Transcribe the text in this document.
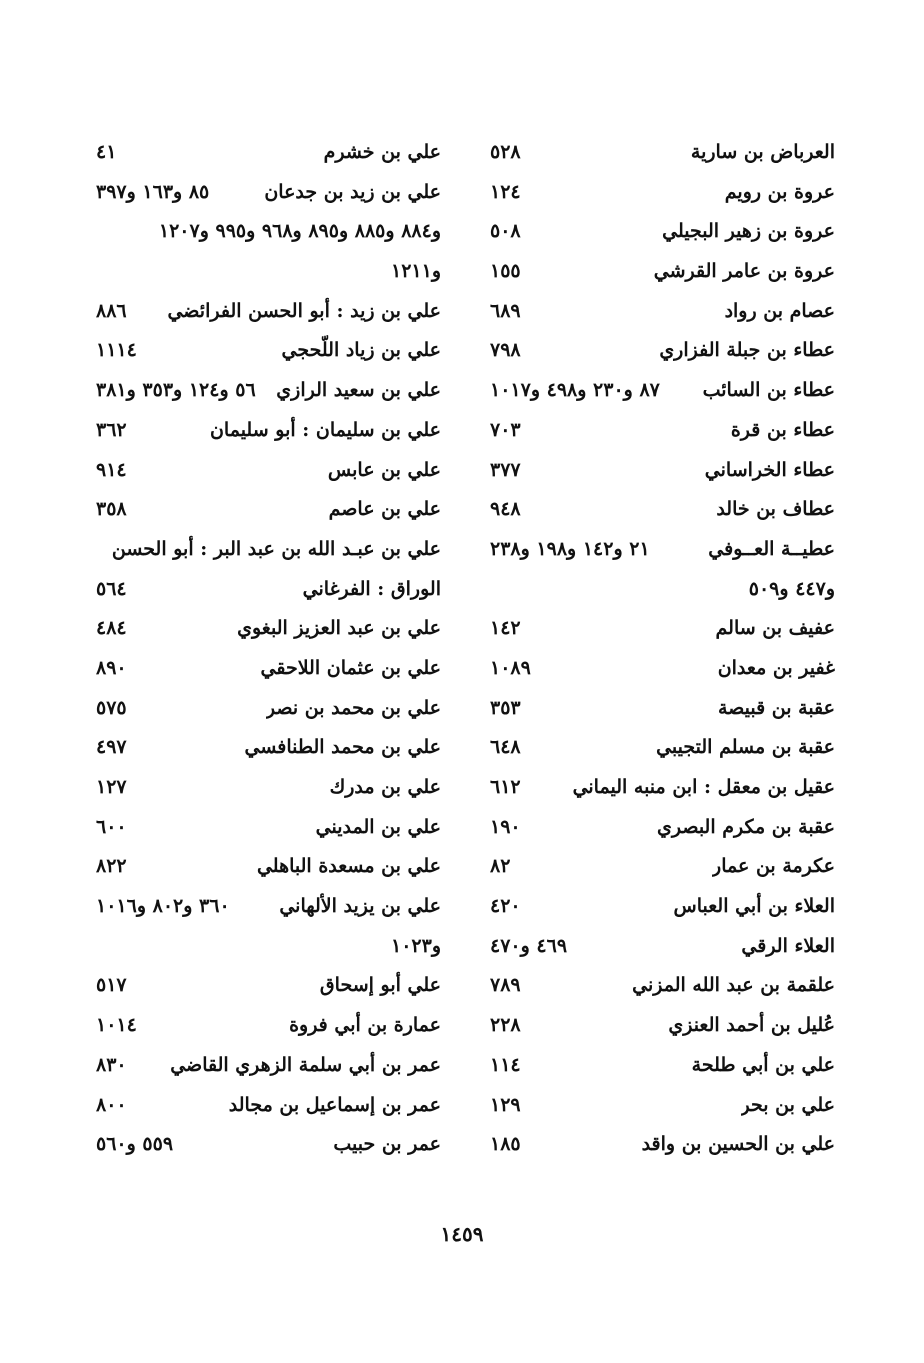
العرباض بن سارية
٥٢٨
عروة بن رويم
١٢٤
عروة بن زهير البجيلي
٥٠٨
عروة بن عامر القرشي
١٥٥
عصام بن رواد
٦٨٩
عطاء بن جبلة الفزاري
٧٩٨
عطاء بن السائب
٨٧ و٢٣٠ و٤٩٨ و١٠١٧
عطاء بن قرة
٧٠٣
عطاء الخراساني
٣٧٧
عطاف بن خالد
٩٤٨
عطيــة العــوفي
٢١ و١٤٢ و١٩٨ و٢٣٨
و٤٤٧ و٥٠٩
عفيف بن سالم
١٤٢
غفير بن معدان
١٠٨٩
عقبة بن قبيصة
٣٥٣
عقبة بن مسلم التجيبي
٦٤٨
عقيل بن معقل : ابن منبه اليماني
٦١٢
عقبة بن مكرم البصري
١٩٠
عكرمة بن عمار
٨٢
العلاء بن أبي العباس
٤٢٠
العلاء الرقي
٤٦٩ و٤٧٠
علقمة بن عبد الله المزني
٧٨٩
عُليل بن أحمد العنزي
٢٢٨
علي بن أبي طلحة
١١٤
علي بن بحر
١٢٩
علي بن الحسين بن واقد
١٨٥
علي بن خشرم
٤١
علي بن زيد بن جدعان
٨٥ و١٦٣ و٣٩٧
و٨٨٤ و٨٨٥ و٨٩٥ و٩٦٨ و٩٩٥ و١٢٠٧
و١٢١١
علي بن زيد : أبو الحسن الفرائضي
٨٨٦
علي بن زياد اللّحجي
١١١٤
علي بن سعيد الرازي
٥٦ و١٢٤ و٣٥٣ و٣٨١
علي بن سليمان : أبو سليمان
٣٦٢
علي بن عابس
٩١٤
علي بن عاصم
٣٥٨
علي بن عبـد الله بن عبد البر : أبو الحسن
الوراق : الفرغاني
٥٦٤
علي بن عبد العزيز البغوي
٤٨٤
علي بن عثمان اللاحقي
٨٩٠
علي بن محمد بن نصر
٥٧٥
علي بن محمد الطنافسي
٤٩٧
علي بن مدرك
١٢٧
علي بن المديني
٦٠٠
علي بن مسعدة الباهلي
٨٢٢
علي بن يزيد الألهاني
٣٦٠ و٨٠٢ و١٠١٦
و١٠٢٣
علي أبو إسحاق
٥١٧
عمارة بن أبي فروة
١٠١٤
عمر بن أبي سلمة الزهري القاضي
٨٣٠
عمر بن إسماعيل بن مجالد
٨٠٠
عمر بن حبيب
٥٥٩ و٥٦٠
١٤٥٩
